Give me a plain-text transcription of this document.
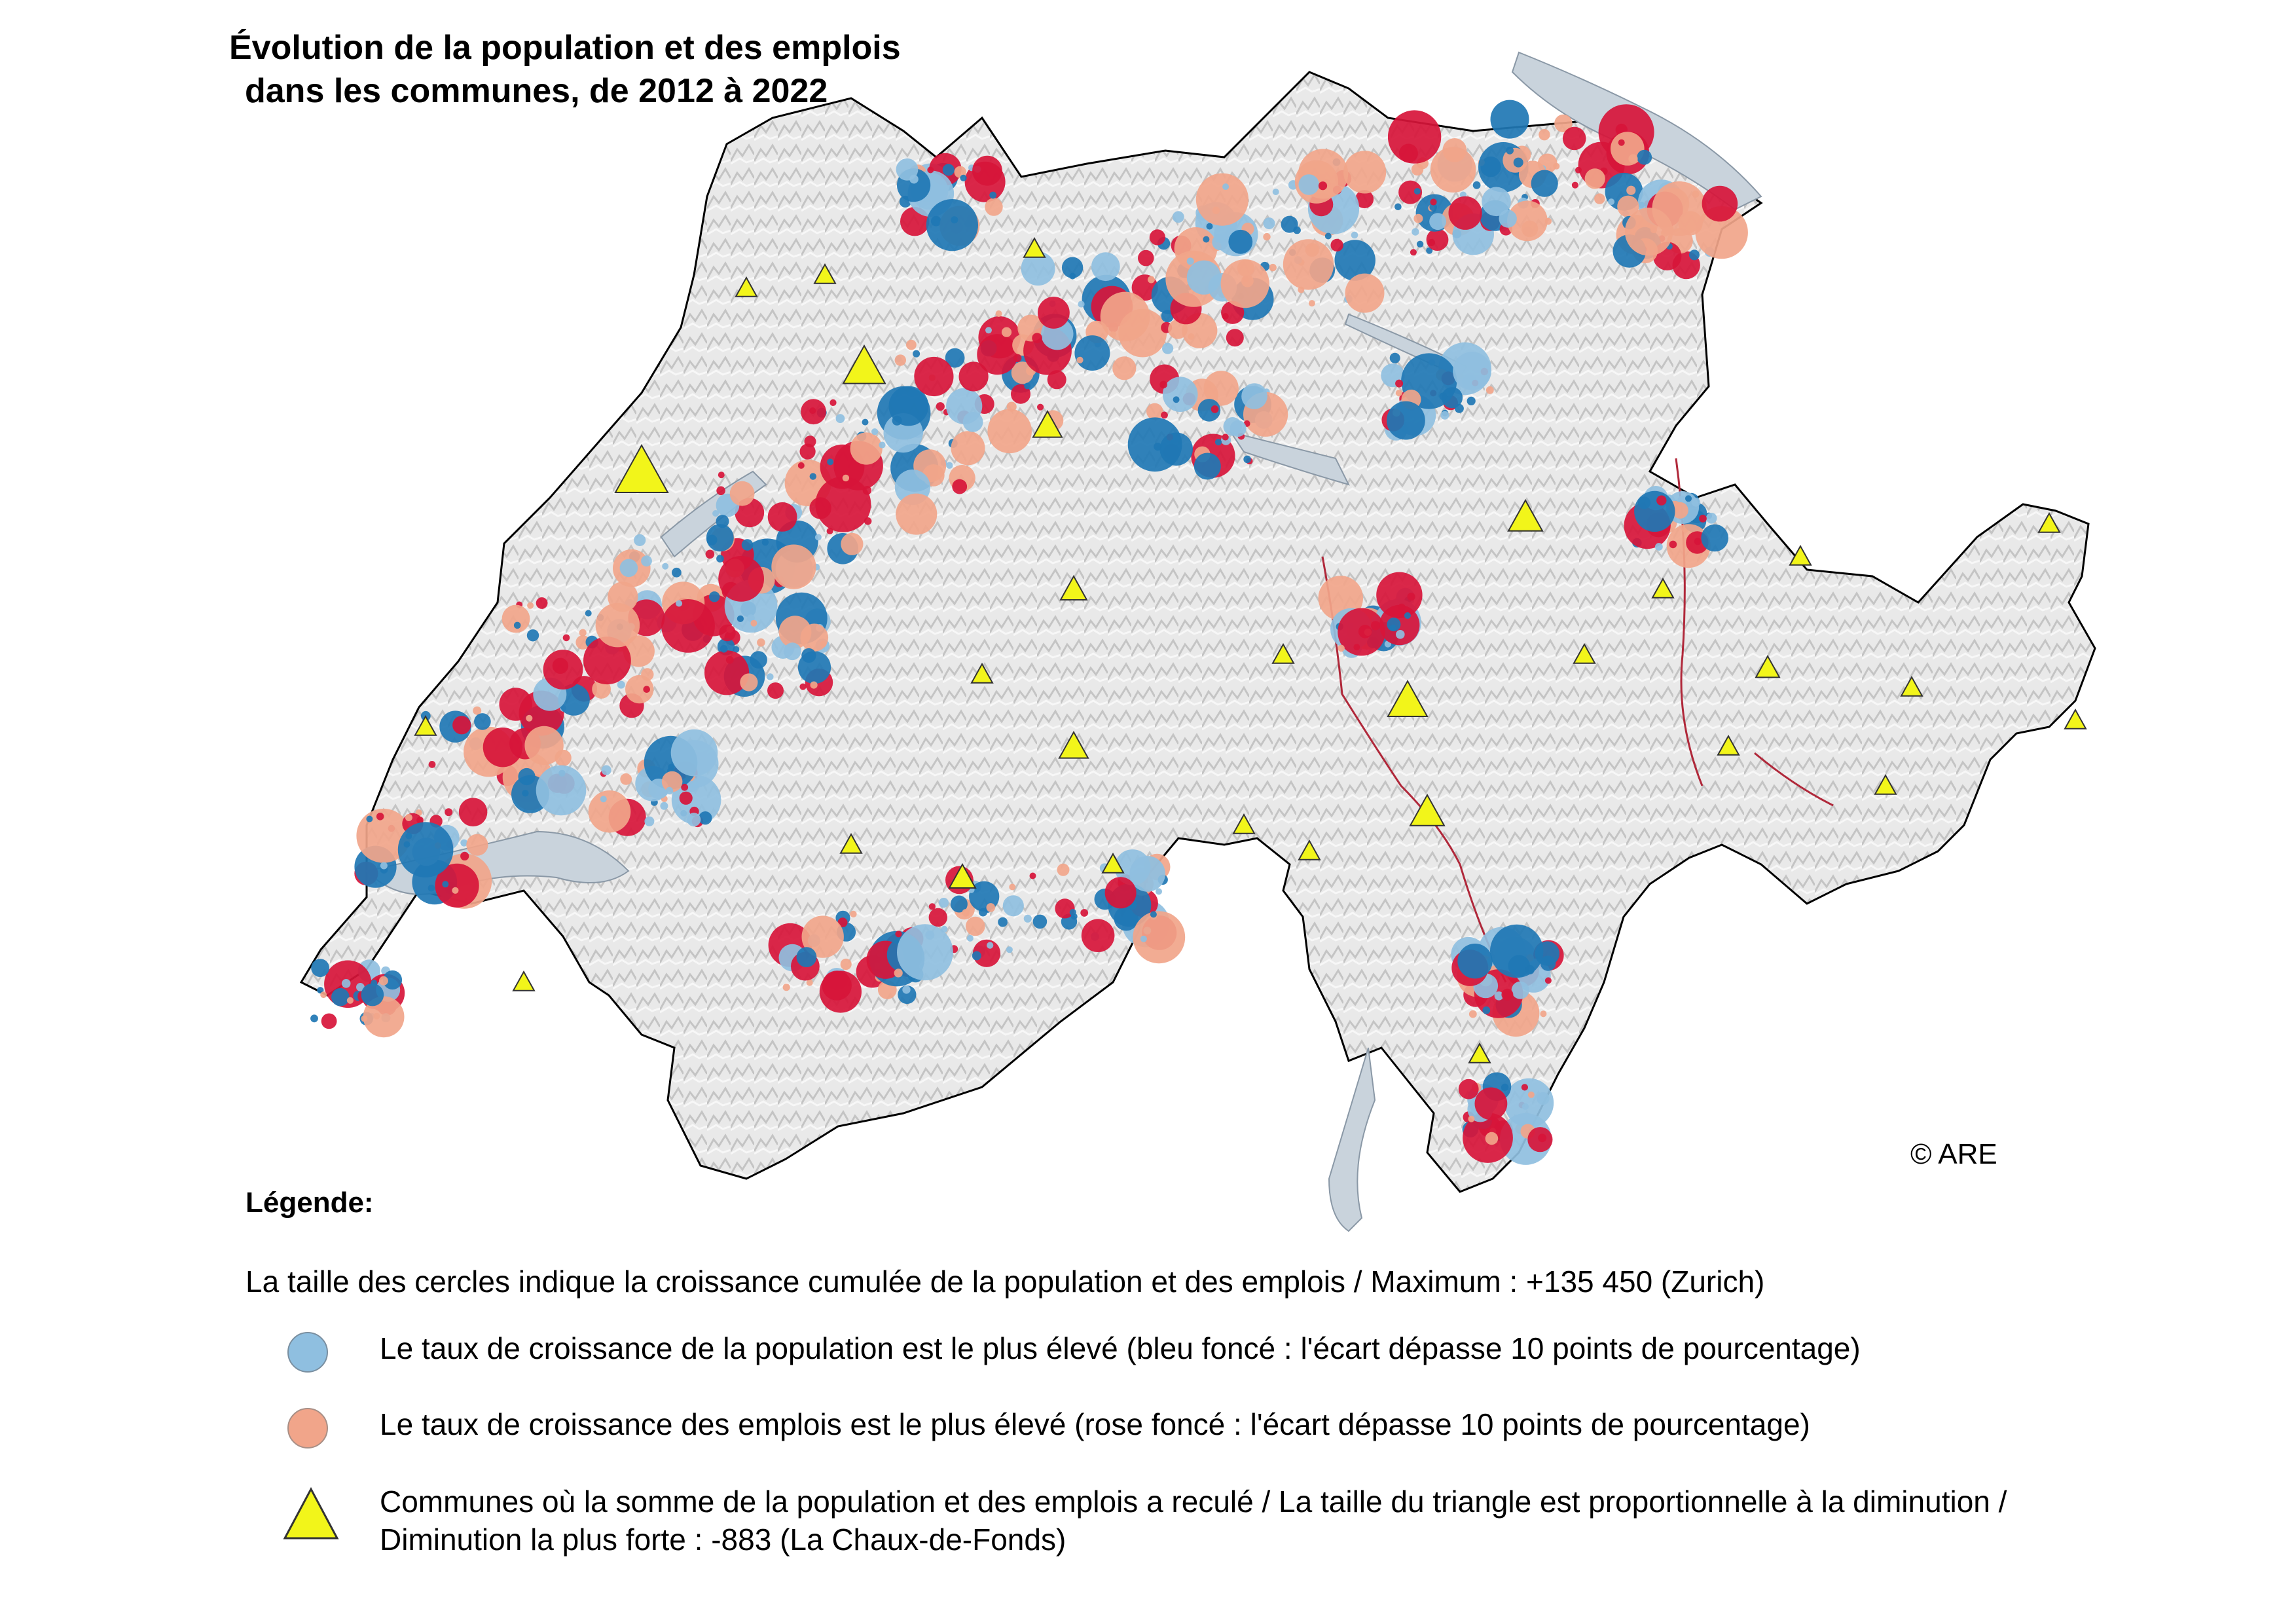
Évolution de la population et des emplois
dans les communes, de 2012 à 2022
© ARE
Légende:
La taille des cercles indique la croissance cumulée de la population et des emplois / Maximum : +135 450 (Zurich)
Le taux de croissance de la population est le plus élevé (bleu foncé : l'écart dépasse 10 points de pourcentage)
Le taux de croissance des emplois est le plus élevé (rose foncé : l'écart dépasse 10 points de pourcentage)
Communes où la somme de la population et des emplois a reculé / La taille du triangle est proportionnelle à la diminution /
Diminution la plus forte : -883 (La Chaux-de-Fonds)
